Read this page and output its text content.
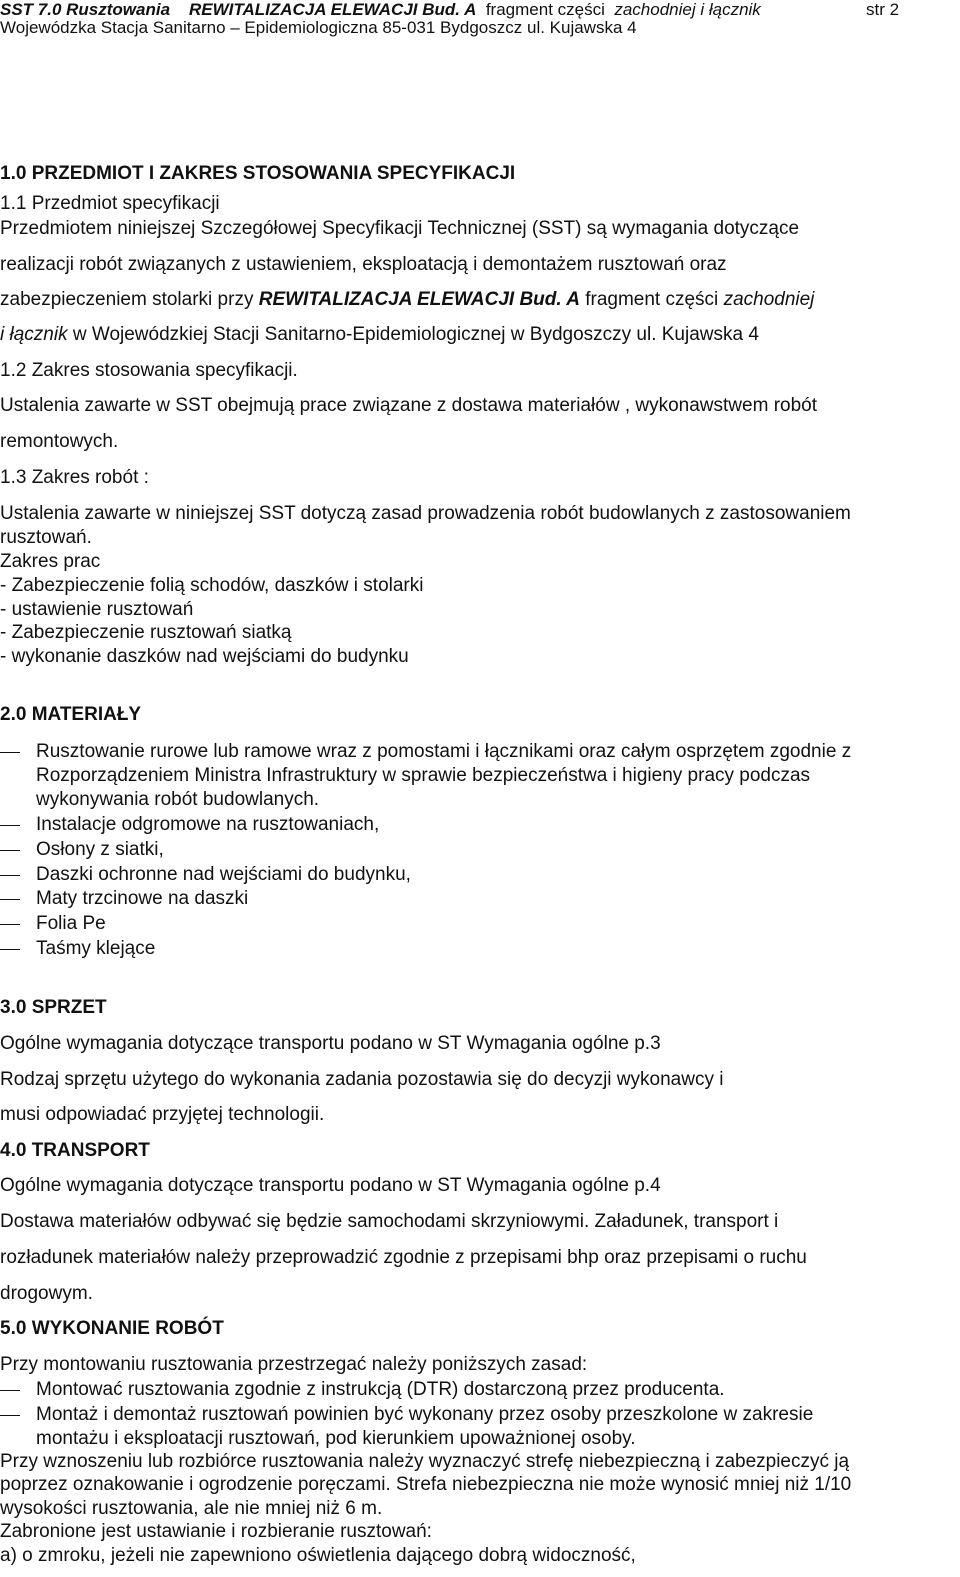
SST 7.0 Rusztowania REWITALIZACJA ELEWACJI Bud. A fragment części zachodniej i łącznik	str 2
Wojewódzka Stacja Sanitarno – Epidemiologiczna 85-031 Bydgoszcz ul. Kujawska 4
1.0 PRZEDMIOT I ZAKRES STOSOWANIA SPECYFIKACJI
1.1 Przedmiot specyfikacji
Przedmiotem niniejszej Szczegółowej Specyfikacji Technicznej (SST) są wymagania dotyczące
realizacji robót związanych z ustawieniem, eksploatacją i demontażem rusztowań oraz
zabezpieczeniem stolarki przy REWITALIZACJA ELEWACJI Bud. A fragment części zachodniej
i łącznik w Wojewódzkiej Stacji Sanitarno-Epidemiologicznej w Bydgoszczy ul. Kujawska 4
1.2 Zakres stosowania specyfikacji.
Ustalenia zawarte w SST obejmują prace związane z dostawa materiałów , wykonawstwem robót
remontowych.
1.3 Zakres robót :
Ustalenia zawarte w niniejszej SST dotyczą zasad prowadzenia robót budowlanych z zastosowaniem
rusztowań.
Zakres prac
- Zabezpieczenie folią schodów, daszków i stolarki
- ustawienie rusztowań
- Zabezpieczenie rusztowań siatką
- wykonanie daszków nad wejściami do budynku
2.0 MATERIAŁY
Rusztowanie rurowe lub ramowe wraz z pomostami i łącznikami oraz całym osprzętem zgodnie z
Rozporządzeniem Ministra Infrastruktury w sprawie bezpieczeństwa i higieny pracy podczas
wykonywania robót budowlanych.
Instalacje odgromowe na rusztowaniach,
Osłony z siatki,
Daszki ochronne nad wejściami do budynku,
Maty trzcinowe na daszki
Folia Pe
Taśmy klejące
3.0 SPRZET
Ogólne wymagania dotyczące transportu podano w ST Wymagania ogólne p.3
Rodzaj sprzętu użytego do wykonania zadania pozostawia się do decyzji wykonawcy i
musi odpowiadać przyjętej technologii.
4.0 TRANSPORT
Ogólne wymagania dotyczące transportu podano w ST Wymagania ogólne p.4
Dostawa materiałów odbywać się będzie samochodami skrzyniowymi. Załadunek, transport i
rozładunek materiałów należy przeprowadzić zgodnie z przepisami bhp oraz przepisami o ruchu
drogowym.
5.0 WYKONANIE ROBÓT
Przy montowaniu rusztowania przestrzegać należy poniższych zasad:
Montować rusztowania zgodnie z instrukcją (DTR) dostarczoną przez producenta.
Montaż i demontaż rusztowań powinien być wykonany przez osoby przeszkolone w zakresie
montażu i eksploatacji rusztowań, pod kierunkiem upoważnionej osoby.
Przy wznoszeniu lub rozbiórce rusztowania należy wyznaczyć strefę niebezpieczną i zabezpieczyć ją
poprzez oznakowanie i ogrodzenie poręczami. Strefa niebezpieczna nie może wynosić mniej niż 1/10
wysokości rusztowania, ale nie mniej niż 6 m.
Zabronione jest ustawianie i rozbieranie rusztowań:
a) o zmroku, jeżeli nie zapewniono oświetlenia dającego dobrą widoczność,
